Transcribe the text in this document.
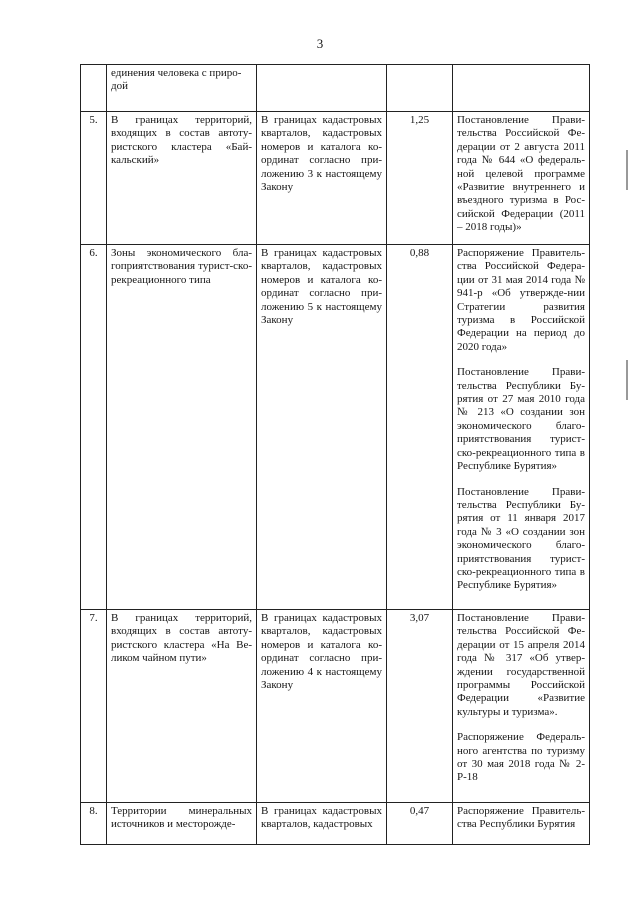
3
	единения человека с приро-
дой			
5.	В границах территорий, входящих в состав автоту-ристского кластера «Бай-кальский»	В границах кадастровых кварталов, кадастровых номеров и каталога ко-ординат согласно при-ложению 3 к настоящему Закону	1,25	Постановление Прави-тельства Российской Фе-дерации от 2 августа 2011 года № 644 «О федераль-ной целевой программе «Развитие внутреннего и въездного туризма в Рос-сийской Федерации (2011 – 2018 годы)»

6.	Зоны экономического бла-гоприятствования турист-ско-рекреационного типа	В границах кадастровых кварталов, кадастровых номеров и каталога ко-ординат согласно при-ложению 5 к настоящему Закону	0,88	Распоряжение Правитель-ства Российской Федера-ции от 31 мая 2014 года № 941-р «Об утвержде-нии Стратегии развития туризма в Российской Федерации на период до 2020 года»
Постановление Прави-тельства Республики Бу-рятия от 27 мая 2010 года № 213 «О создании зон экономического благо-приятствования турист-ско-рекреационного типа в Республике Бурятия»
Постановление Прави-тельства Республики Бу-рятия от 11 января 2017 года № 3 «О создании зон экономического благо-приятствования турист-ско-рекреационного типа в Республике Бурятия»

7.	В границах территорий, входящих в состав автоту-ристского кластера «На Ве-ликом чайном пути»	В границах кадастровых кварталов, кадастровых номеров и каталога ко-ординат согласно при-ложению 4 к настоящему Закону	3,07	Постановление Прави-тельства Российской Фе-дерации от 15 апреля 2014 года № 317 «Об утвер-ждении государственной программы Российской Федерации «Развитие культуры и туризма».
Распоряжение Федераль-ного агентства по туризму от 30 мая 2018 года № 2-Р-18

8.	Территории минеральных источников и месторожде-	В границах кадастровых кварталов, кадастровых	0,47	Распоряжение Правитель-ства Республики Бурятия
